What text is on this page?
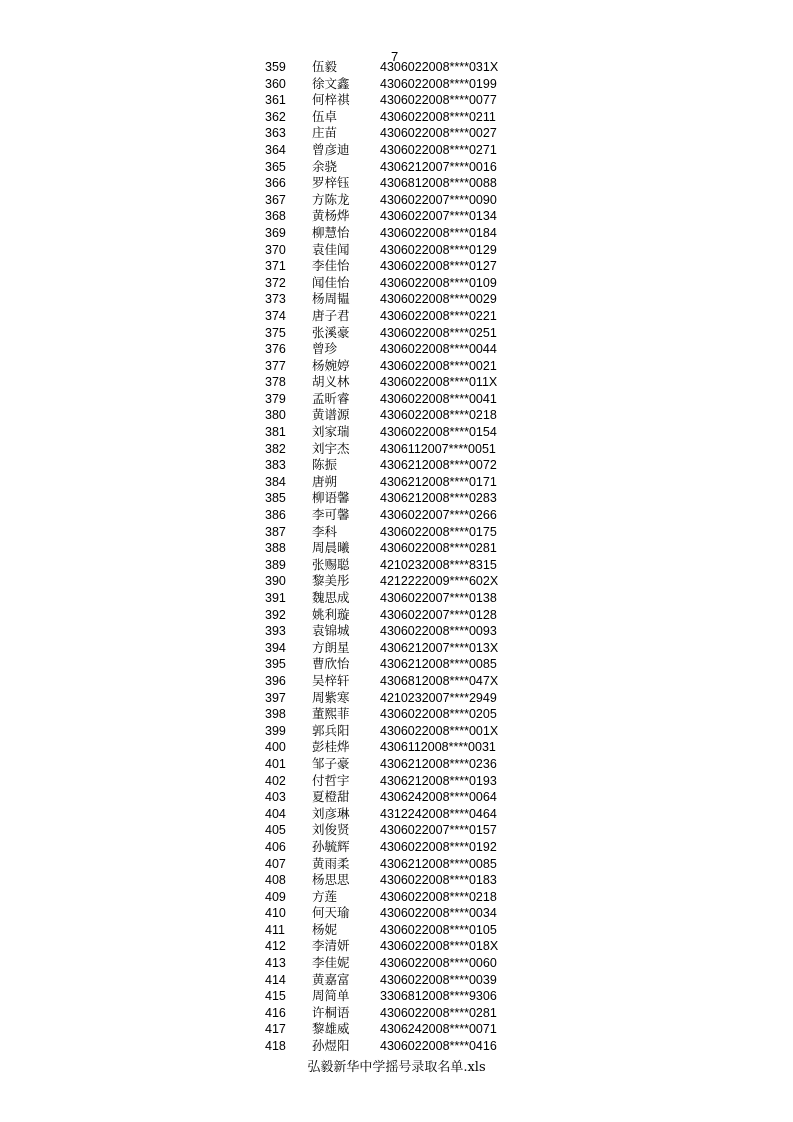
7
359	伍毅	4306022008****031X
360	徐文鑫	4306022008****0199
361	何梓祺	4306022008****0077
362	伍卓	4306022008****0211
363	庄苗	4306022008****0027
364	曾彦迪	4306022008****0271
365	余骁	4306212007****0016
366	罗梓钰	4306812008****0088
367	方陈龙	4306022007****0090
368	黄杨烨	4306022007****0134
369	柳慧怡	4306022008****0184
370	袁佳闻	4306022008****0129
371	李佳怡	4306022008****0127
372	闻佳怡	4306022008****0109
373	杨周韫	4306022008****0029
374	唐子君	4306022008****0221
375	张溪豪	4306022008****0251
376	曾珍	4306022008****0044
377	杨婉婷	4306022008****0021
378	胡义林	4306022008****011X
379	孟昕睿	4306022008****0041
380	黄谱源	4306022008****0218
381	刘家瑞	4306022008****0154
382	刘宇杰	4306112007****0051
383	陈振	4306212008****0072
384	唐朔	4306212008****0171
385	柳语馨	4306212008****0283
386	李可馨	4306022007****0266
387	李科	4306022008****0175
388	周晨曦	4306022008****0281
389	张赐聪	4210232008****8315
390	黎美彤	4212222009****602X
391	魏思成	4306022007****0138
392	姚利璇	4306022007****0128
393	袁锦城	4306022008****0093
394	方朗星	4306212007****013X
395	曹欣怡	4306212008****0085
396	吴梓轩	4306812008****047X
397	周紫寒	4210232007****2949
398	董熙菲	4306022008****0205
399	郭兵阳	4306022008****001X
400	彭桂烨	4306112008****0031
401	邹子豪	4306212008****0236
402	付哲宇	4306212008****0193
403	夏橙甜	4306242008****0064
404	刘彦琳	4312242008****0464
405	刘俊贤	4306022007****0157
406	孙毓辉	4306022008****0192
407	黄雨柔	4306212008****0085
408	杨思思	4306022008****0183
409	方莲	4306022008****0218
410	何天瑜	4306022008****0034
411	杨妮	4306022008****0105
412	李清妍	4306022008****018X
413	李佳妮	4306022008****0060
414	黄嘉富	4306022008****0039
415	周简单	3306812008****9306
416	许桐语	4306022008****0281
417	黎雄威	4306242008****0071
418	孙煜阳	4306022008****0416
弘毅新华中学摇号录取名单.xls
